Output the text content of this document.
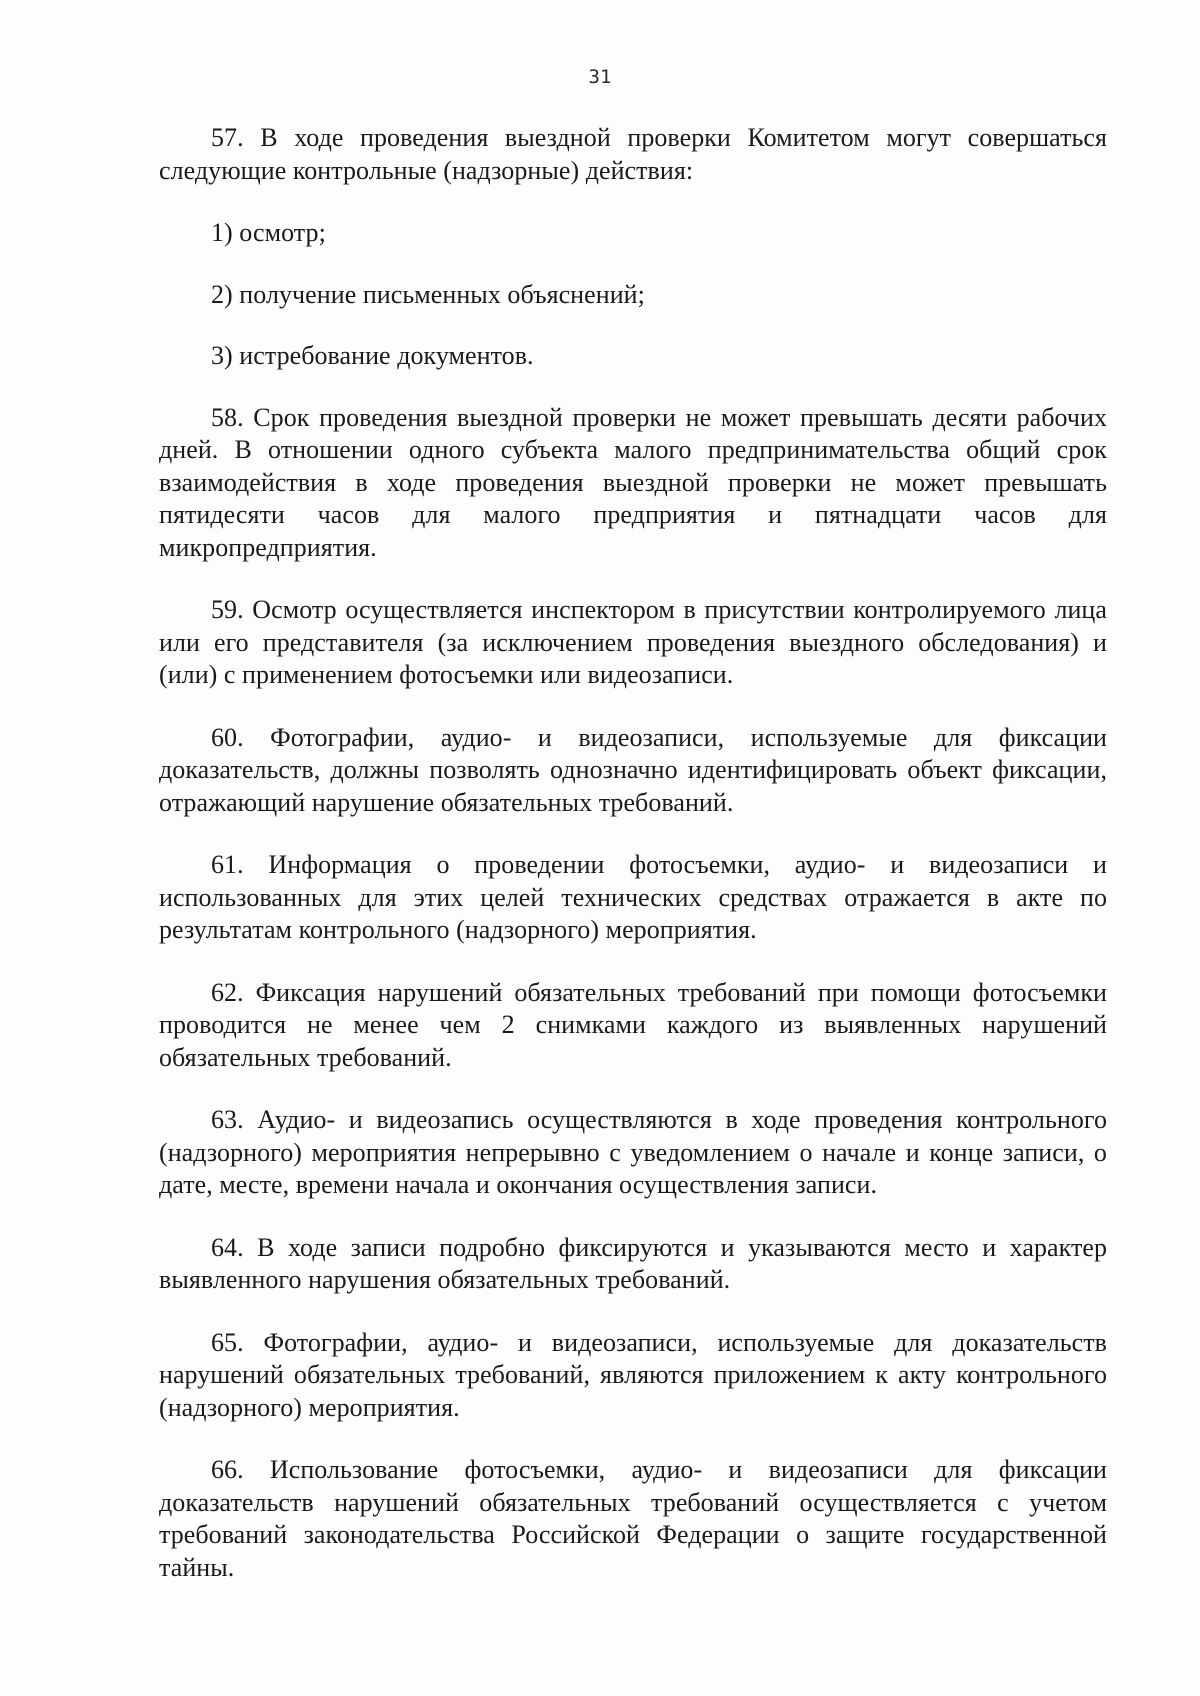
31

57. В ходе проведения выездной проверки Комитетом могут совершаться следующие контрольные (надзорные) действия:

1) осмотр;

2) получение письменных объяснений;

3) истребование документов.

58. Срок проведения выездной проверки не может превышать десяти рабочих дней. В отношении одного субъекта малого предпринимательства общий срок взаимодействия в ходе проведения выездной проверки не может превышать пятидесяти часов для малого предприятия и пятнадцати часов для микропредприятия.

59. Осмотр осуществляется инспектором в присутствии контролируемого лица или его представителя (за исключением проведения выездного обследования) и (или) с применением фотосъемки или видеозаписи.

60. Фотографии, аудио- и видеозаписи, используемые для фиксации доказательств, должны позволять однозначно идентифицировать объект фиксации, отражающий нарушение обязательных требований.

61. Информация о проведении фотосъемки, аудио- и видеозаписи и использованных для этих целей технических средствах отражается в акте по результатам контрольного (надзорного) мероприятия.

62. Фиксация нарушений обязательных требований при помощи фотосъемки проводится не менее чем 2 снимками каждого из выявленных нарушений обязательных требований.

63. Аудио- и видеозапись осуществляются в ходе проведения контрольного (надзорного) мероприятия непрерывно с уведомлением о начале и конце записи, о дате, месте, времени начала и окончания осуществления записи.

64. В ходе записи подробно фиксируются и указываются место и характер выявленного нарушения обязательных требований.

65. Фотографии, аудио- и видеозаписи, используемые для доказательств нарушений обязательных требований, являются приложением к акту контрольного (надзорного) мероприятия.

66. Использование фотосъемки, аудио- и видеозаписи для фиксации доказательств нарушений обязательных требований осуществляется с учетом требований законодательства Российской Федерации о защите государственной тайны.
